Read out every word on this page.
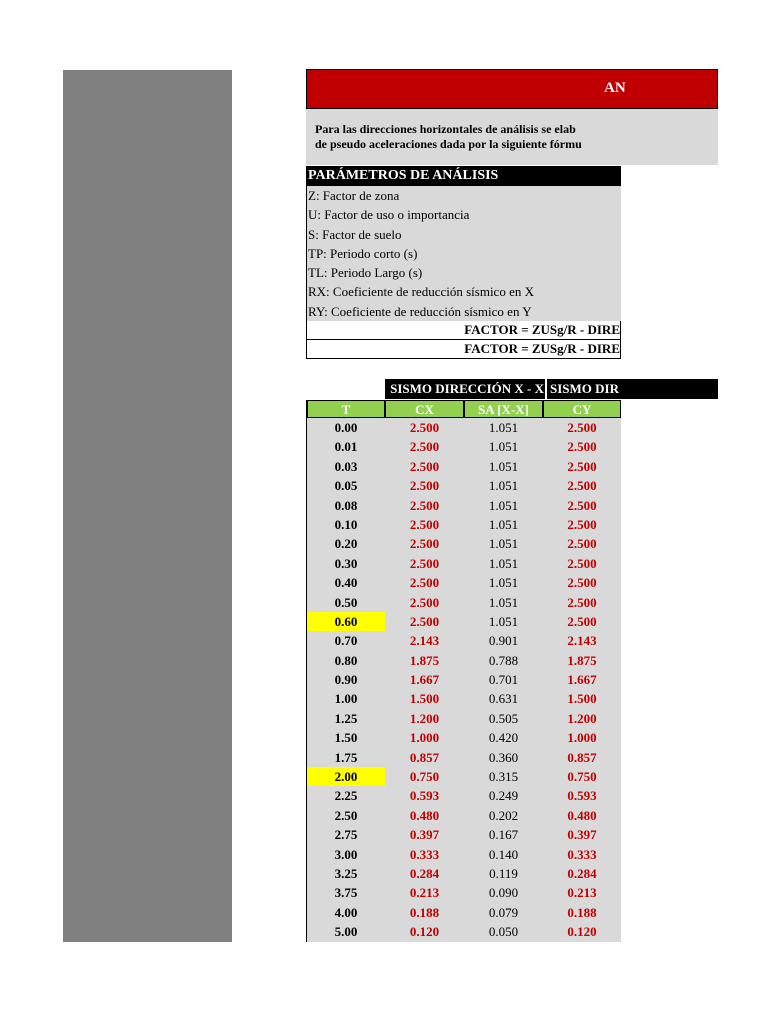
AN
Para las direcciones horizontales de análisis se elab
de pseudo aceleraciones dada por la siguiente fórmu
PARÁMETROS DE ANÁLISIS
Z: Factor de zona
U: Factor de uso o importancia
S: Factor de suelo
TP: Periodo corto (s)
TL: Periodo Largo (s)
RX: Coeficiente de reducción sísmico en X
RY: Coeficiente de reducción sísmico en Y
FACTOR = ZUSg/R - DIRE
FACTOR = ZUSg/R - DIRE
SISMO DIRECCIÓN X - X SISMO DIR
T	CX	SA [X-X]	CY
0.00	2.500	1.051	2.500
0.01	2.500	1.051	2.500
0.03	2.500	1.051	2.500
0.05	2.500	1.051	2.500
0.08	2.500	1.051	2.500
0.10	2.500	1.051	2.500
0.20	2.500	1.051	2.500
0.30	2.500	1.051	2.500
0.40	2.500	1.051	2.500
0.50	2.500	1.051	2.500
0.60	2.500	1.051	2.500
0.70	2.143	0.901	2.143
0.80	1.875	0.788	1.875
0.90	1.667	0.701	1.667
1.00	1.500	0.631	1.500
1.25	1.200	0.505	1.200
1.50	1.000	0.420	1.000
1.75	0.857	0.360	0.857
2.00	0.750	0.315	0.750
2.25	0.593	0.249	0.593
2.50	0.480	0.202	0.480
2.75	0.397	0.167	0.397
3.00	0.333	0.140	0.333
3.25	0.284	0.119	0.284
3.75	0.213	0.090	0.213
4.00	0.188	0.079	0.188
5.00	0.120	0.050	0.120
